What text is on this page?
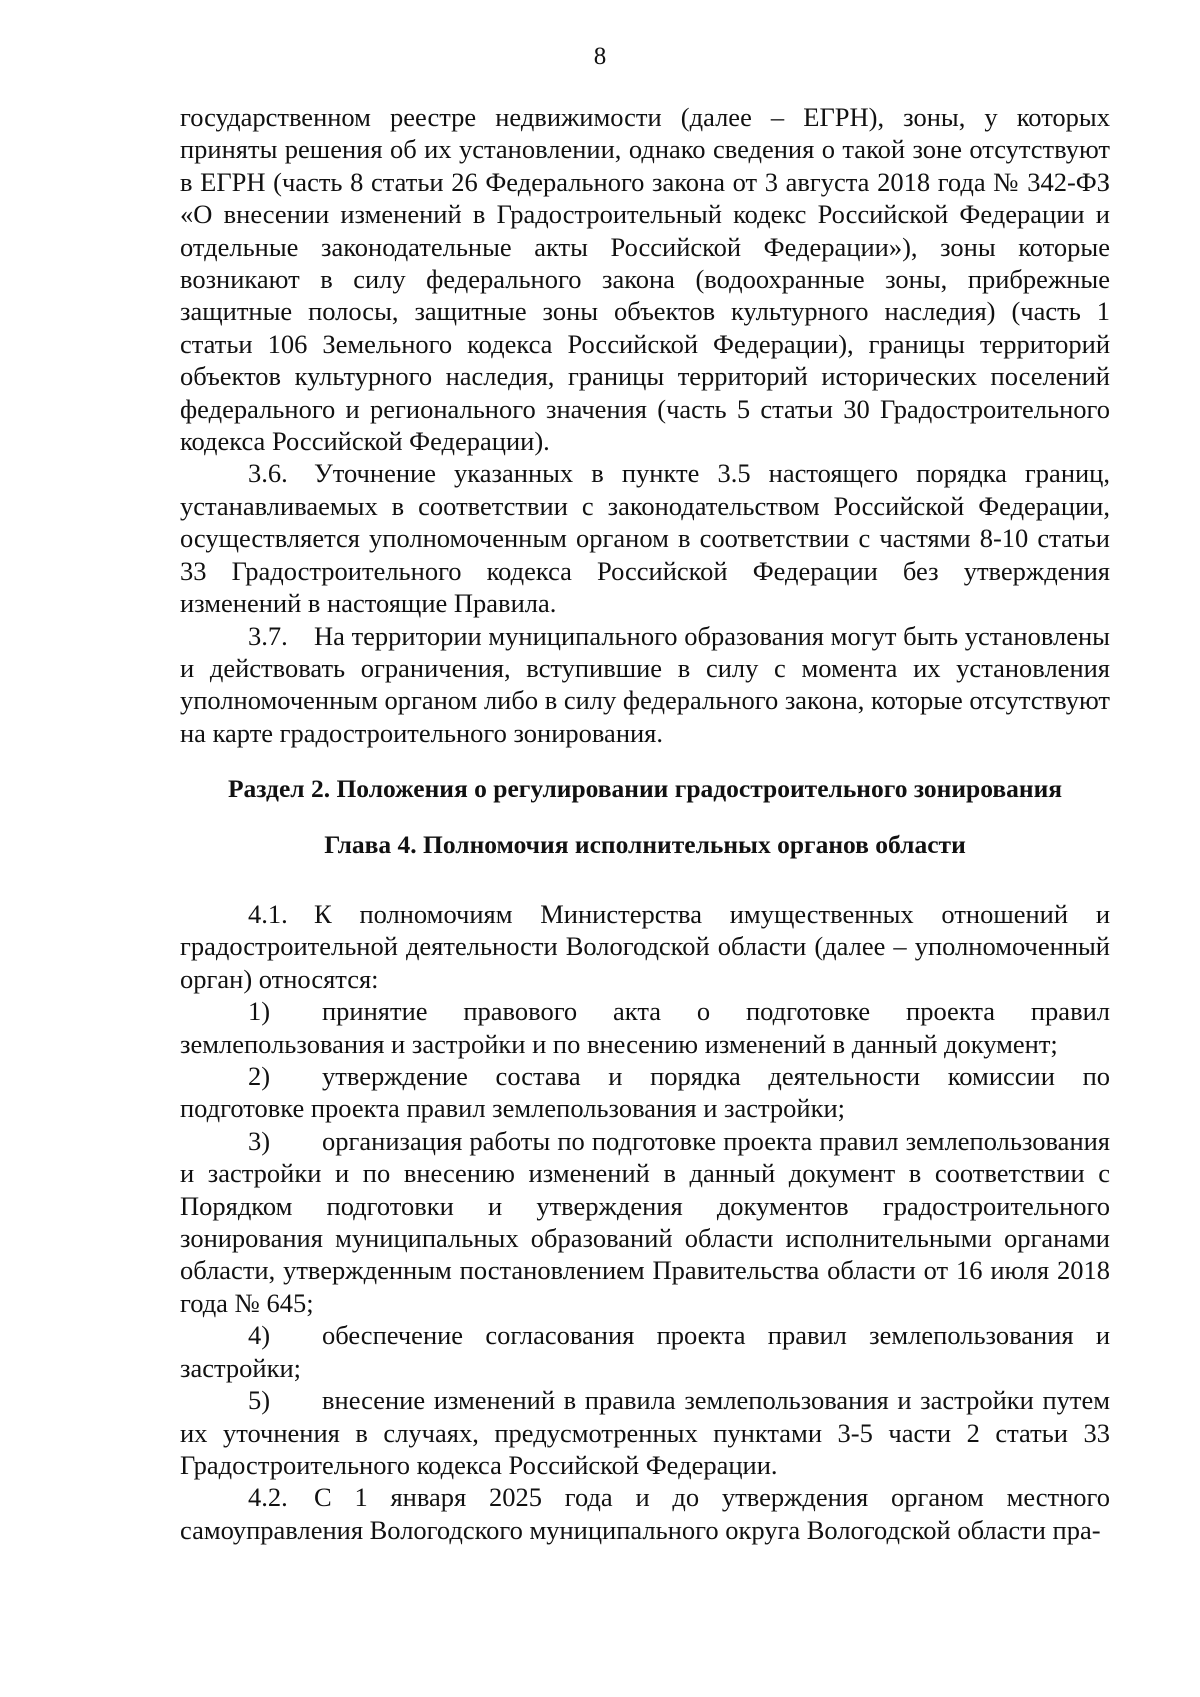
8

государственном реестре недвижимости (далее – ЕГРН), зоны, у которых приняты решения об их установлении, однако сведения о такой зоне отсутствуют в ЕГРН (часть 8 статьи 26 Федерального закона от 3 августа 2018 года № 342-ФЗ «О внесении изменений в Градостроительный кодекс Российской Федерации и отдельные законодательные акты Российской Федерации»), зоны которые возникают в силу федерального закона (водоохранные зоны, прибрежные защитные полосы, защитные зоны объектов культурного наследия) (часть 1 статьи 106 Земельного кодекса Российской Федерации), границы территорий объектов культурного наследия, границы территорий исторических поселений федерального и регионального значения (часть 5 статьи 30 Градостроительного кодекса Российской Федерации).

3.6. Уточнение указанных в пункте 3.5 настоящего порядка границ, устанавливаемых в соответствии с законодательством Российской Федерации, осуществляется уполномоченным органом в соответствии с частями 8-10 статьи 33 Градостроительного кодекса Российской Федерации без утверждения изменений в настоящие Правила.

3.7. На территории муниципального образования могут быть установлены и действовать ограничения, вступившие в силу с момента их установления уполномоченным органом либо в силу федерального закона, которые отсутствуют на карте градостроительного зонирования.

Раздел 2. Положения о регулировании градостроительного зонирования
Глава 4. Полномочия исполнительных органов области

4.1. К полномочиям Министерства имущественных отношений и градостроительной деятельности Вологодской области (далее – уполномоченный орган) относятся:

1) принятие правового акта о подготовке проекта правил землепользования и застройки и по внесению изменений в данный документ;

2) утверждение состава и порядка деятельности комиссии по подготовке проекта правил землепользования и застройки;

3) организация работы по подготовке проекта правил землепользования и застройки и по внесению изменений в данный документ в соответствии с Порядком подготовки и утверждения документов градостроительного зонирования муниципальных образований области исполнительными органами области, утвержденным постановлением Правительства области от 16 июля 2018 года № 645;

4) обеспечение согласования проекта правил землепользования и застройки;

5) внесение изменений в правила землепользования и застройки путем их уточнения в случаях, предусмотренных пунктами 3-5 части 2 статьи 33 Градостроительного кодекса Российской Федерации.

4.2. С 1 января 2025 года и до утверждения органом местного самоуправления Вологодского муниципального округа Вологодской области пра-
